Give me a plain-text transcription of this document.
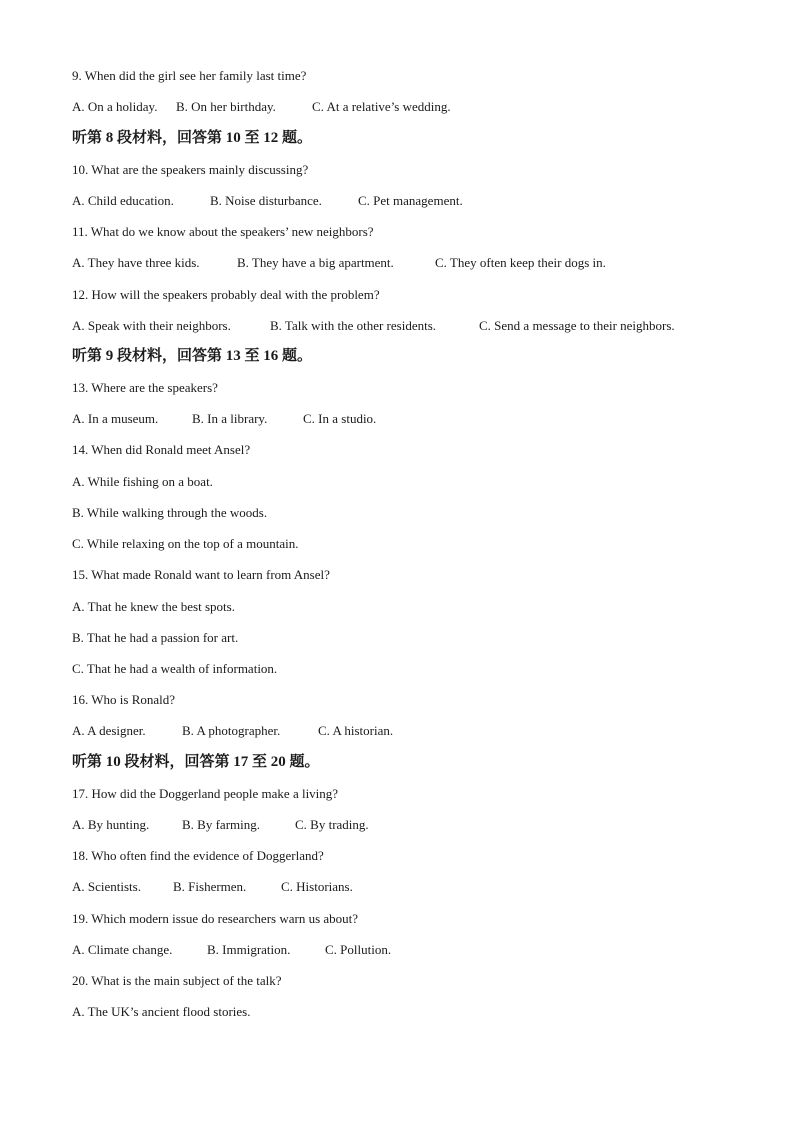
9. When did the girl see her family last time?
A. On a holiday. B. On her birthday.	C. At a relative’s wedding.
听第 8 段材料，回答第 10 至 12 题。
10. What are the speakers mainly discussing?
A. Child education.	B. Noise disturbance.	C. Pet management.
11. What do we know about the speakers’ new neighbors?
A. They have three kids.	B. They have a big apartment.	C. They often keep their dogs in.
12. How will the speakers probably deal with the problem?
A. Speak with their neighbors.	B. Talk with the other residents.	C. Send a message to their neighbors.
听第 9 段材料，回答第 13 至 16 题。
13. Where are the speakers?
A. In a museum.	B. In a library.	C. In a studio.
14. When did Ronald meet Ansel?
A. While fishing on a boat.
B. While walking through the woods.
C. While relaxing on the top of a mountain.
15. What made Ronald want to learn from Ansel?
A. That he knew the best spots.
B. That he had a passion for art.
C. That he had a wealth of information.
16. Who is Ronald?
A. A designer.	B. A photographer.	C. A historian.
听第 10 段材料，回答第 17 至 20 题。
17. How did the Doggerland people make a living?
A. By hunting.	B. By farming.	C. By trading.
18. Who often find the evidence of Doggerland?
A. Scientists. B. Fishermen.	C. Historians.
19. Which modern issue do researchers warn us about?
A. Climate change.	B. Immigration.	C. Pollution.
20. What is the main subject of the talk?
A. The UK’s ancient flood stories.
